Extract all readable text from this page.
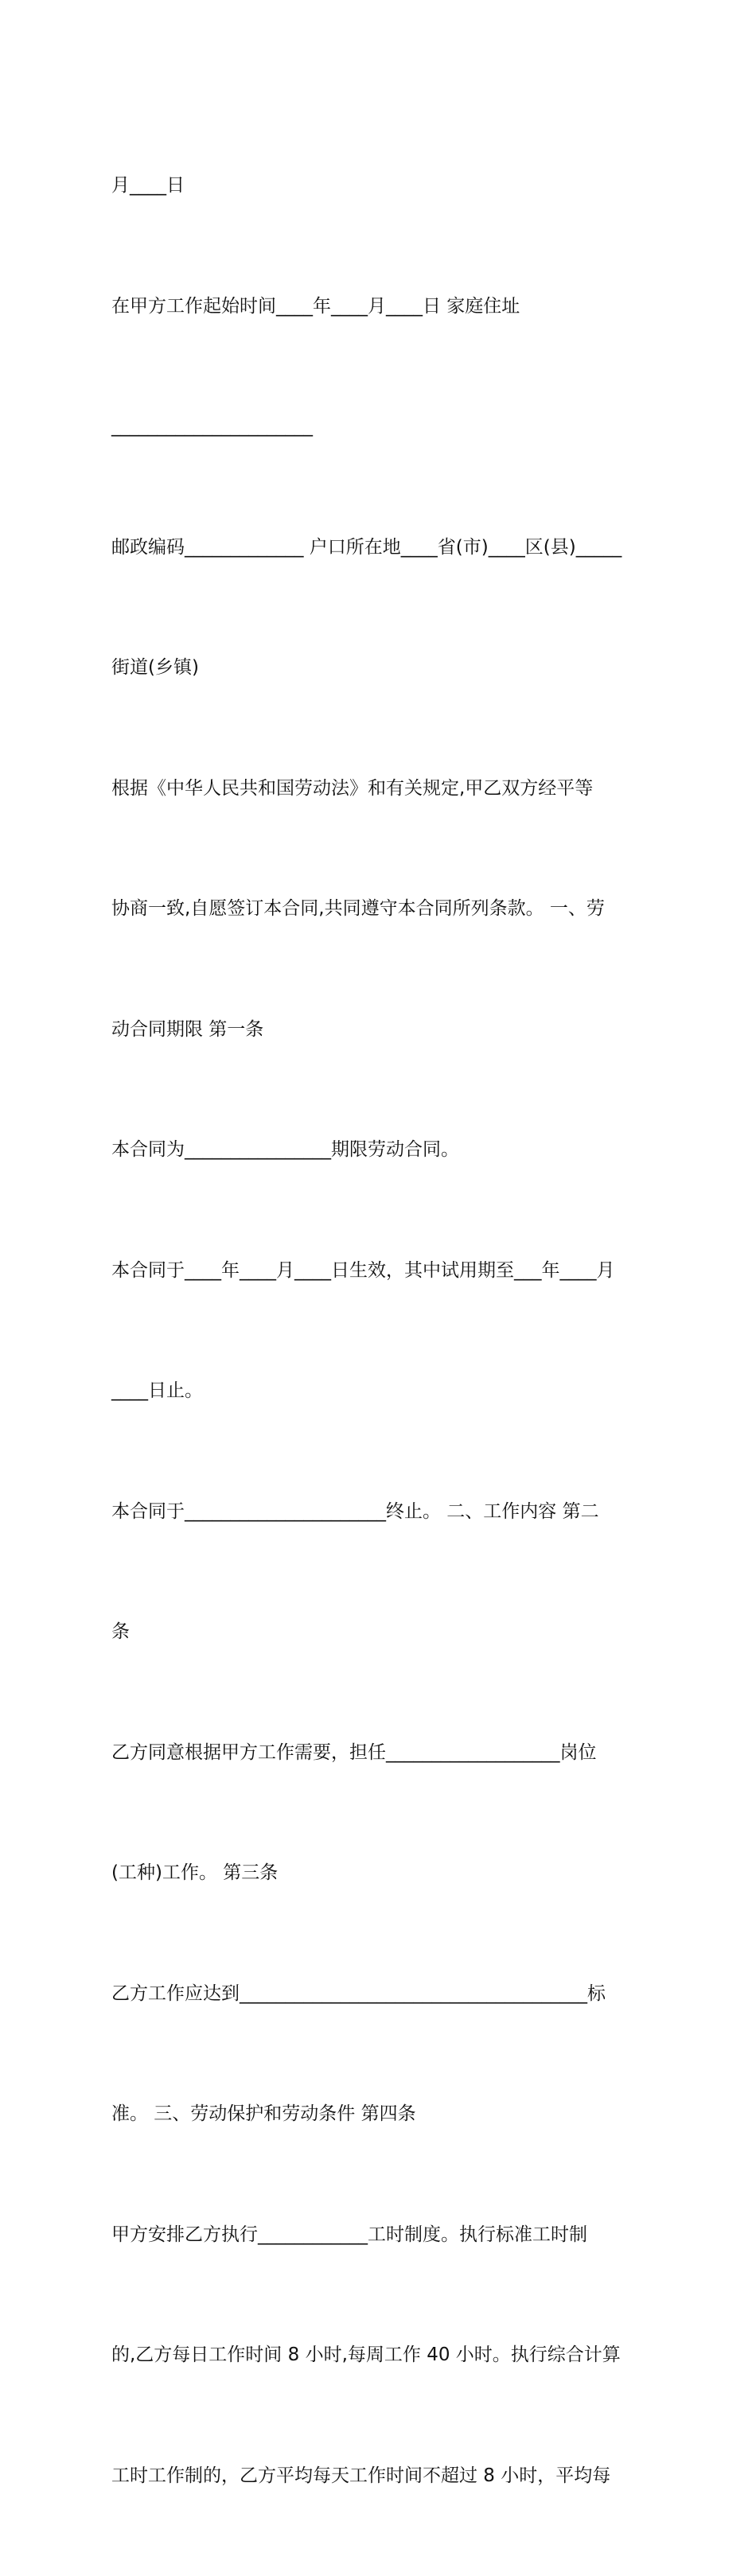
月____日

在甲方工作起始时间____年____月____日 家庭住址

______________________

邮政编码_____________ 户口所在地____省(市)____区(县)_____

街道(乡镇)

根据《中华人民共和国劳动法》和有关规定,甲乙双方经平等

协商一致,自愿签订本合同,共同遵守本合同所列条款。 一、劳

动合同期限 第一条

本合同为________________期限劳动合同。

本合同于____年____月____日生效，其中试用期至___年____月

____日止。

本合同于______________________终止。 二、工作内容 第二

条

乙方同意根据甲方工作需要，担任___________________岗位

(工种)工作。 第三条

乙方工作应达到______________________________________标

准。 三、劳动保护和劳动条件 第四条

甲方安排乙方执行____________工时制度。执行标准工时制

的,乙方每日工作时间 8 小时,每周工作 40 小时。执行综合计算

工时工作制的，乙方平均每天工作时间不超过 8 小时，平均每
